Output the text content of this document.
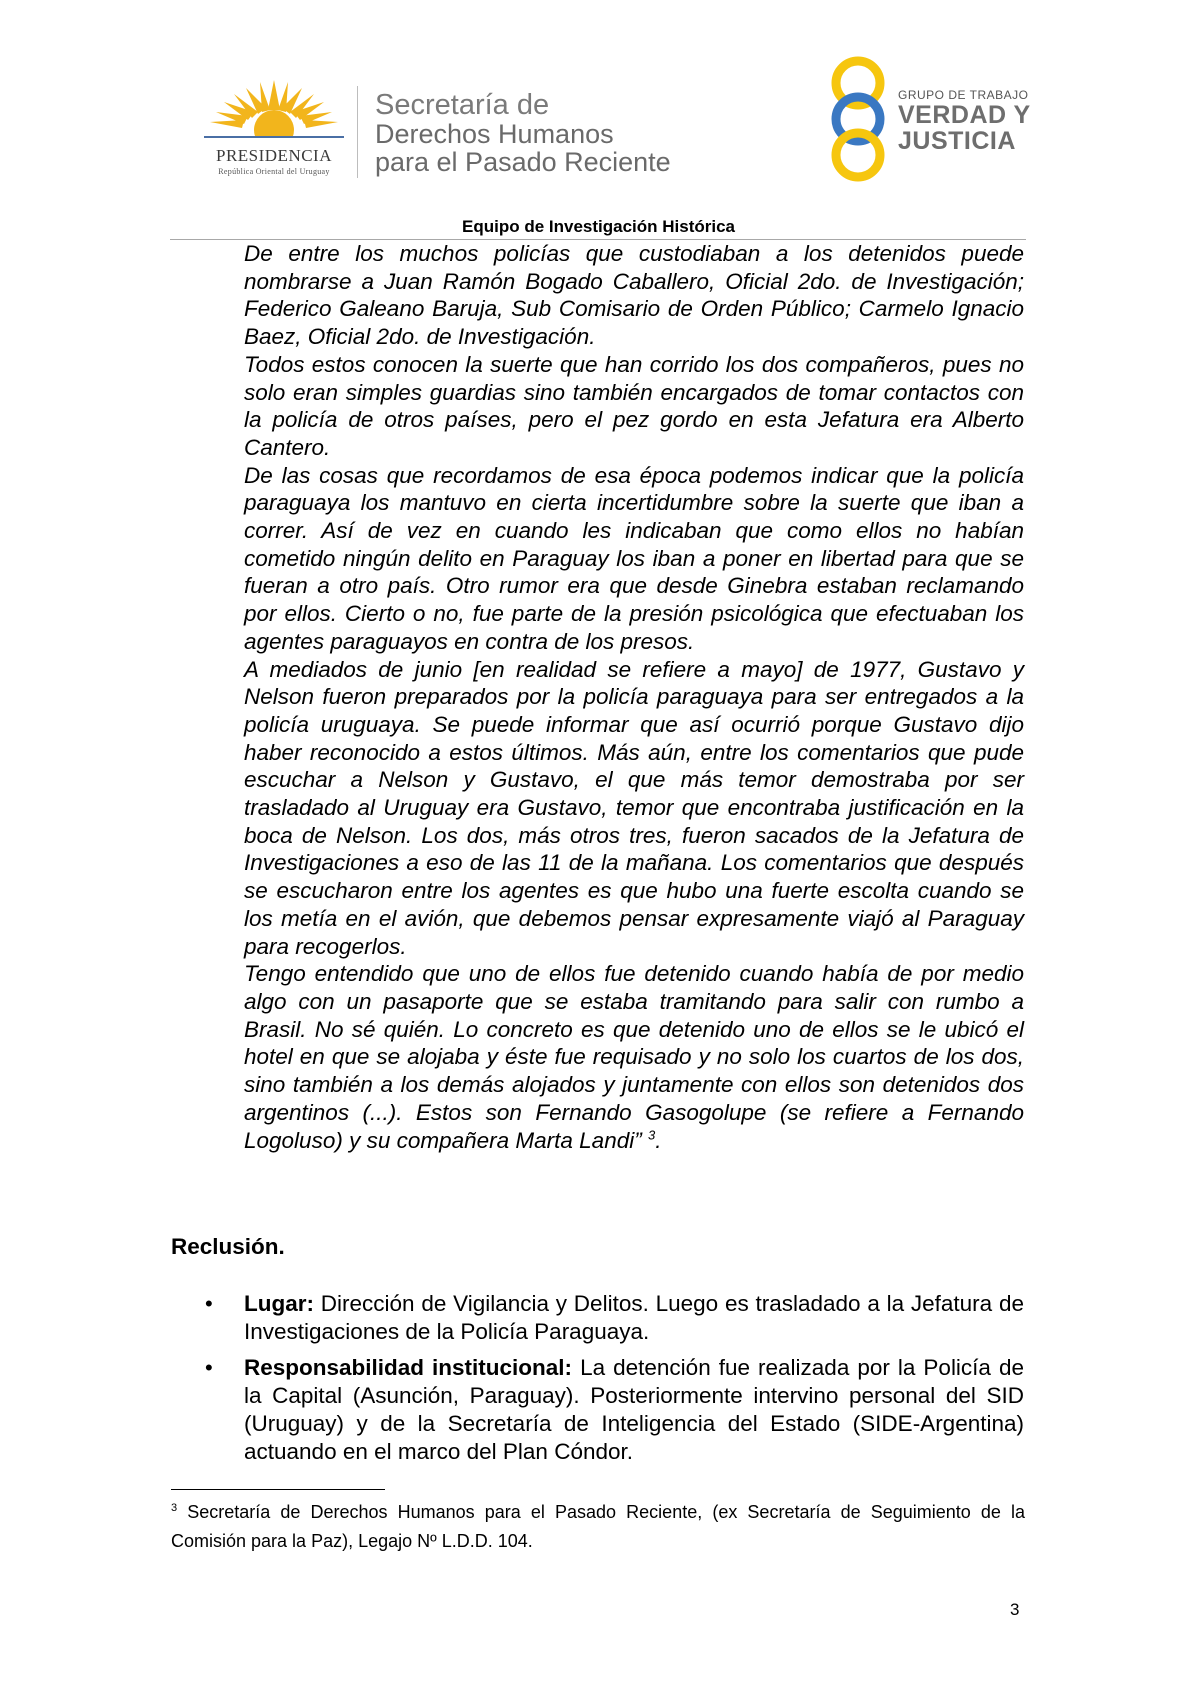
PRESIDENCIA
República Oriental del Uruguay
Secretaría de
Derechos Humanos
para el Pasado Reciente
GRUPO DE TRABAJO
VERDAD Y
JUSTICIA
Equipo de Investigación Histórica

De entre los muchos policías que custodiaban a los detenidos puede nombrarse a Juan Ramón Bogado Caballero, Oficial 2do. de Investigación; Federico Galeano Baruja, Sub Comisario de Orden Público; Carmelo Ignacio Baez, Oficial 2do. de Investigación.

Todos estos conocen la suerte que han corrido los dos compañeros, pues no solo eran simples guardias sino también encargados de tomar contactos con la policía de otros países, pero el pez gordo en esta Jefatura era Alberto Cantero.

De las cosas que recordamos de esa época podemos indicar que la policía paraguaya los mantuvo en cierta incertidumbre sobre la suerte que iban a correr. Así de vez en cuando les indicaban que como ellos no habían cometido ningún delito en Paraguay los iban a poner en libertad para que se fueran a otro país. Otro rumor era que desde Ginebra estaban reclamando por ellos. Cierto o no, fue parte de la presión psicológica que efectuaban los agentes paraguayos en contra de los presos.

A mediados de junio [en realidad se refiere a mayo] de 1977, Gustavo y Nelson fueron preparados por la policía paraguaya para ser entregados a la policía uruguaya. Se puede informar que así ocurrió porque Gustavo dijo haber reconocido a estos últimos. Más aún, entre los comentarios que pude escuchar a Nelson y Gustavo, el que más temor demostraba por ser trasladado al Uruguay era Gustavo, temor que encontraba justificación en la boca de Nelson. Los dos, más otros tres, fueron sacados de la Jefatura de Investigaciones a eso de las 11 de la mañana. Los comentarios que después se escucharon entre los agentes es que hubo una fuerte escolta cuando se los metía en el avión, que debemos pensar expresamente viajó al Paraguay para recogerlos.

Tengo entendido que uno de ellos fue detenido cuando había de por medio algo con un pasaporte que se estaba tramitando para salir con rumbo a Brasil. No sé quién. Lo concreto es que detenido uno de ellos se le ubicó el hotel en que se alojaba y éste fue requisado y no solo los cuartos de los dos, sino también a los demás alojados y juntamente con ellos son detenidos dos argentinos (...). Estos son Fernando Gasogolupe (se refiere a Fernando Logoluso) y su compañera Marta Landi” $^3$.

Reclusión.
• Lugar: Dirección de Vigilancia y Delitos. Luego es trasladado a la Jefatura de Investigaciones de la Policía Paraguaya.
• Responsabilidad institucional: La detención fue realizada por la Policía de la Capital (Asunción, Paraguay). Posteriormente intervino personal del SID (Uruguay) y de la Secretaría de Inteligencia del Estado (SIDE-Argentina) actuando en el marco del Plan Cóndor.
$^3$ Secretaría de Derechos Humanos para el Pasado Reciente, (ex Secretaría de Seguimiento de la Comisión para la Paz), Legajo Nº L.D.D. 104.
3
